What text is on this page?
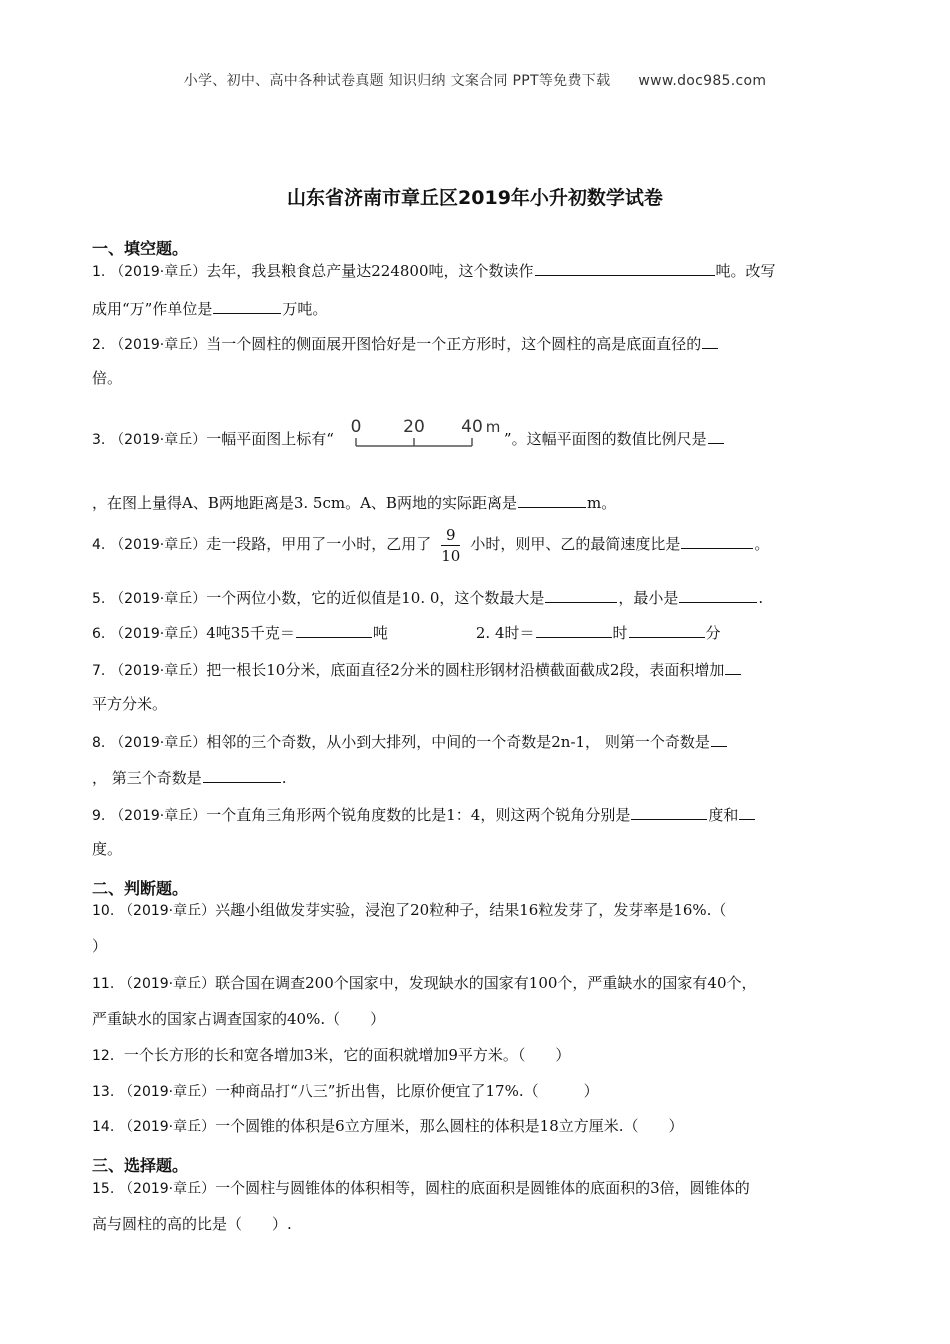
小学、初中、高中各种试卷真题 知识归纳 文案合同 PPT等免费下载 www.doc985.com
山东省济南市章丘区2019年小升初数学试卷
一、填空题。
1. （2019·章丘）去年，我县粮食总产量达224800吨，这个数读作	吨。改写
成用“万”作单位是	万吨。
2. （2019·章丘）当一个圆柱的侧面展开图恰好是一个正方形时，这个圆柱的高是底面直径的
倍。
3. （2019·章丘）一幅平面图上标有“
0 20 40 m
”。这幅平面图的数值比例尺是
，在图上量得A、B两地距离是3. 5cm。A、B两地的实际距离是	m。
4. （2019·章丘）走一段路，甲用了一小时，乙用了 $\frac{9}{10}$ 小时，则甲、乙的最简速度比是	。
5. （2019·章丘）一个两位小数，它的近似值是10. 0，这个数最大是	，最小是	.
6. （2019·章丘）4吨35千克＝	吨	2. 4时＝	时	分
7. （2019·章丘）把一根长10分米，底面直径2分米的圆柱形钢材沿横截面截成2段，表面积增加
平方分米。
8. （2019·章丘）相邻的三个奇数，从小到大排列，中间的一个奇数是2n-1， 则第一个奇数是
， 第三个奇数是	.
9. （2019·章丘）一个直角三角形两个锐角度数的比是1：4，则这两个锐角分别是	度和
度。
二、判断题。
10. （2019·章丘）兴趣小组做发芽实验，浸泡了20粒种子，结果16粒发芽了，发芽率是16%.（
）
11. （2019·章丘）联合国在调查200个国家中，发现缺水的国家有100个，严重缺水的国家有40个，
严重缺水的国家占调查国家的40%.（　　）
12．一个长方形的长和宽各增加3米，它的面积就增加9平方米。（　　）
13. （2019·章丘）一种商品打“八三”折出售，比原价便宜了17%.（　　　）
14. （2019·章丘）一个圆锥的体积是6立方厘米，那么圆柱的体积是18立方厘米.（　　）
三、选择题。
15. （2019·章丘）一个圆柱与圆锥体的体积相等，圆柱的底面积是圆锥体的底面积的3倍，圆锥体的
高与圆柱的高的比是（　　）.
